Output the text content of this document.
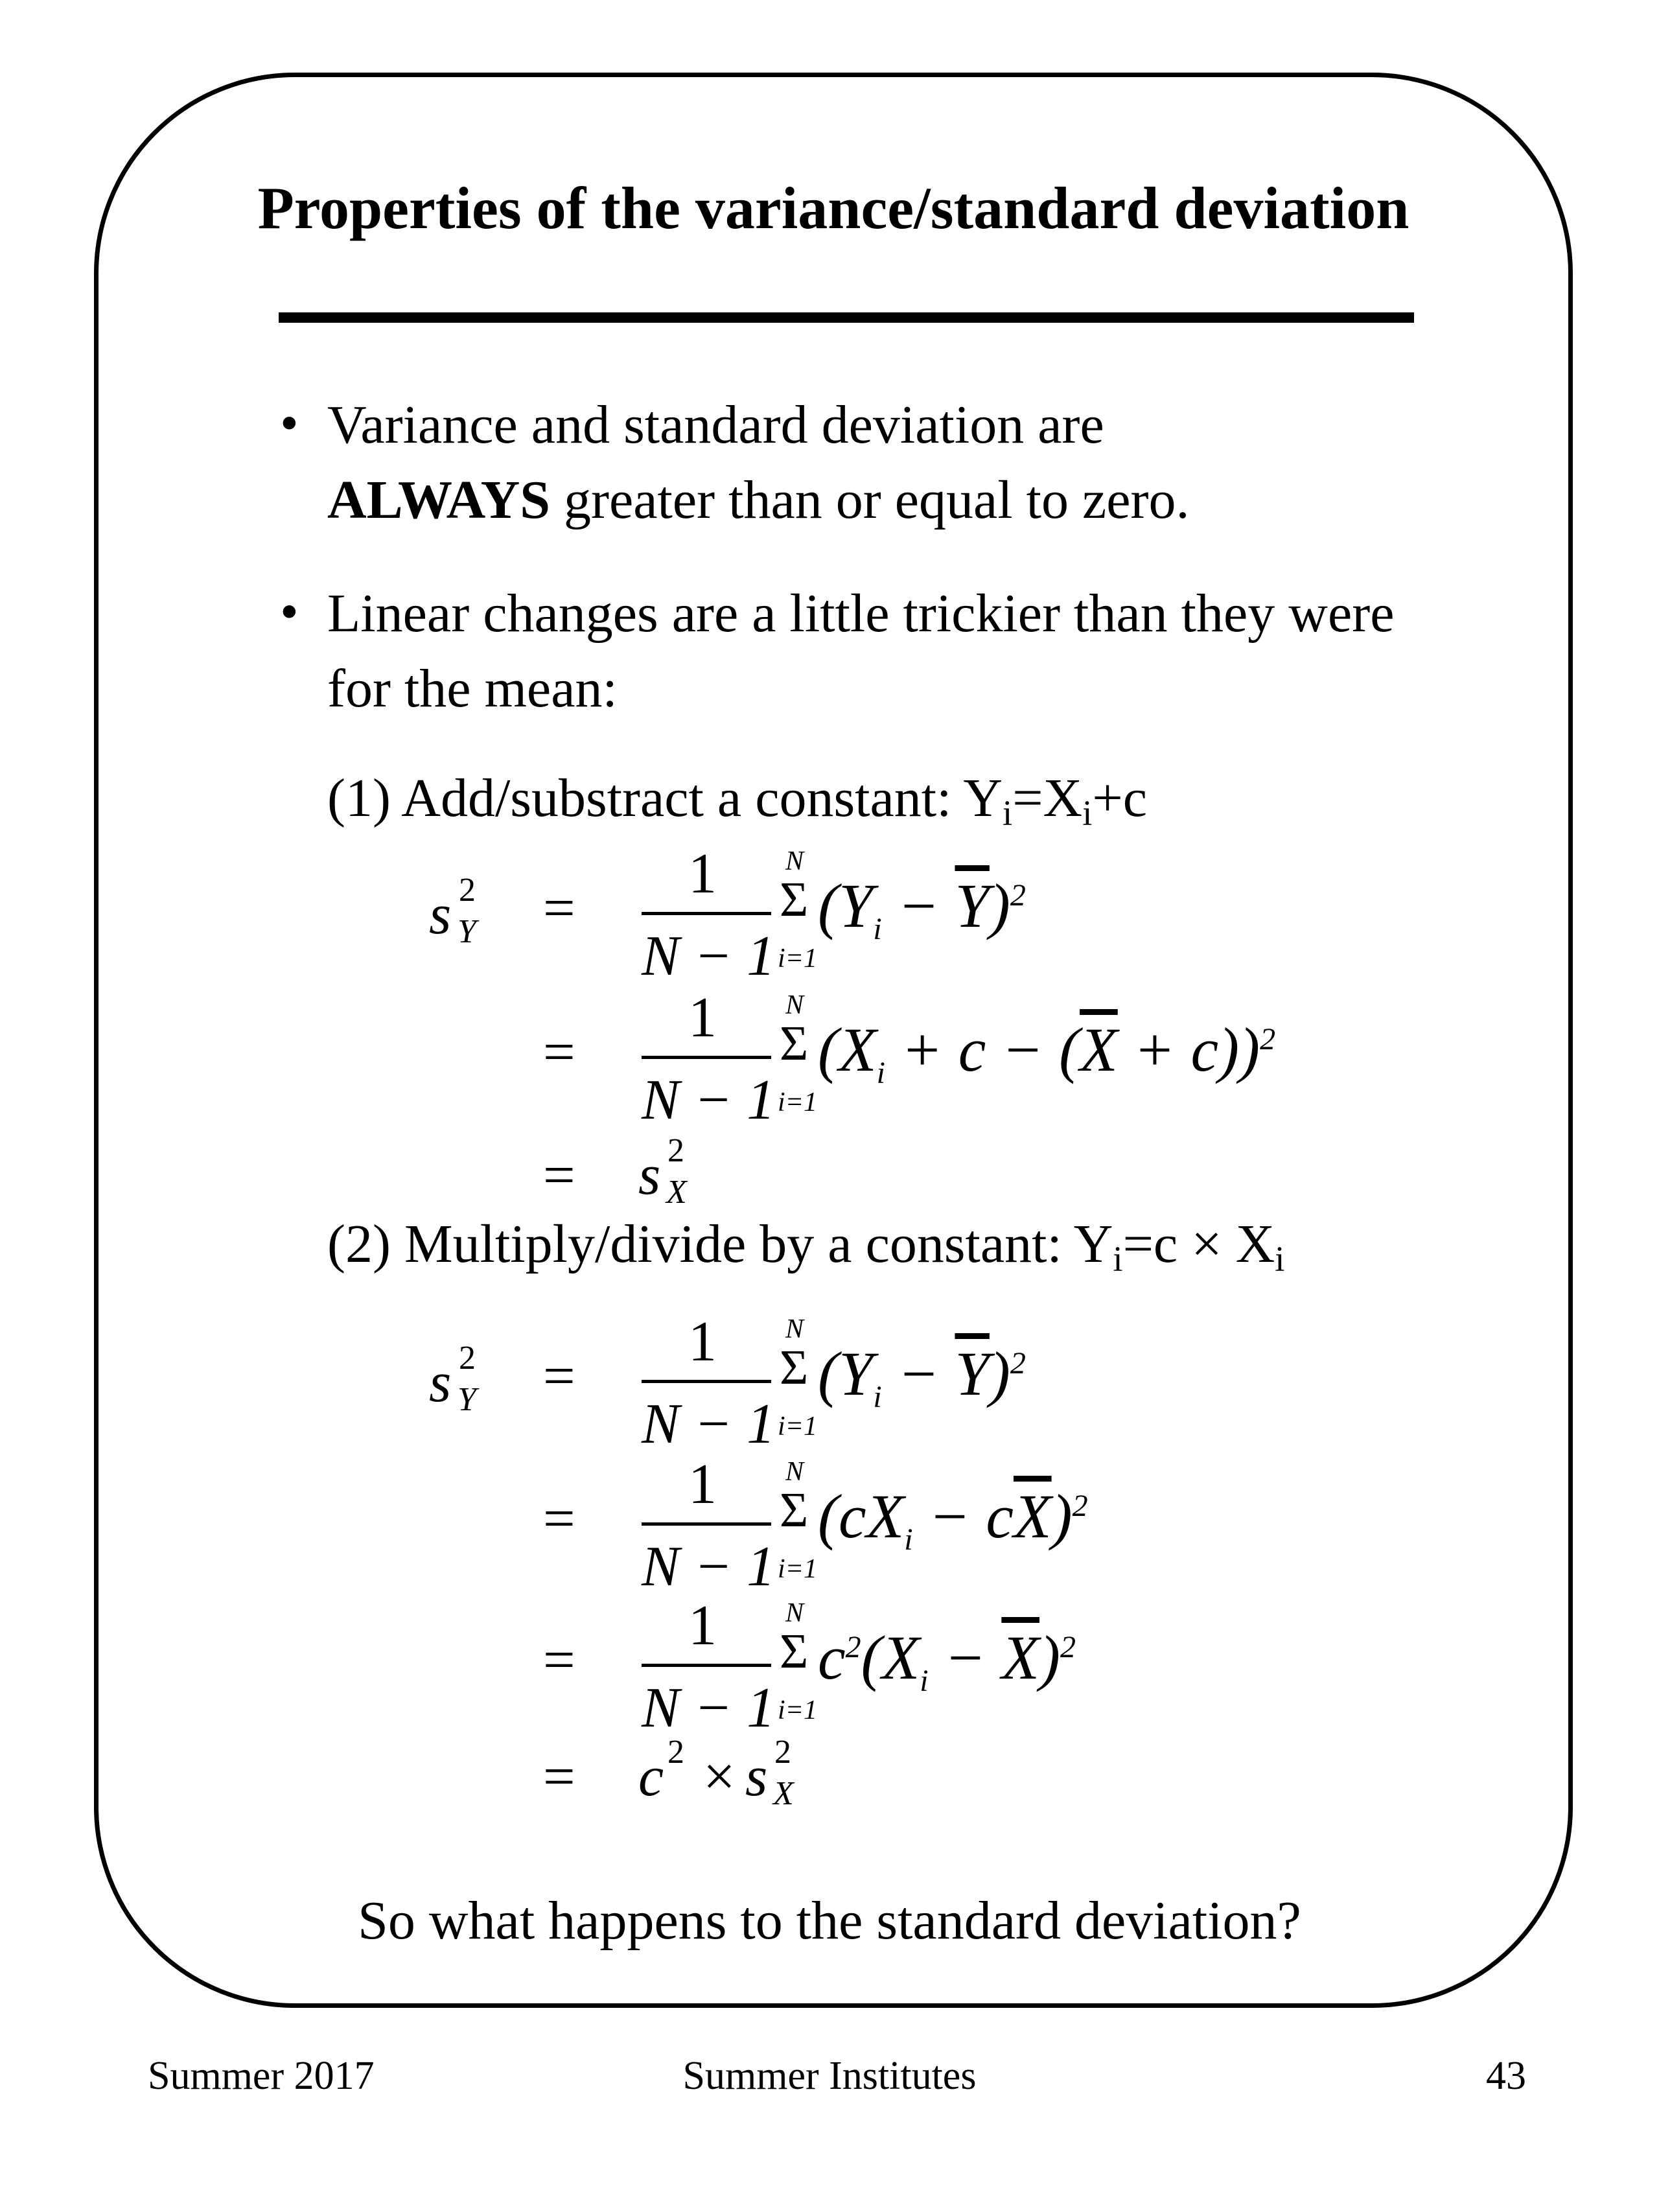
Properties of the variance/standard deviation
• Variance and standard deviation are
ALWAYS greater than or equal to zero.
• Linear changes are a little trickier than they were for the mean:
(1) Add/substract a constant: Yi=Xi+c
s 2
Y =
1
N − 1
N
Σ
i=1
$(Yi - \overline{Y})^2$
=
1
N − 1
N
Σ
i=1
$(Xi + c - (\overline{X} + c))^2$
= s 2
X
(2) Multiply/divide by a constant: Yi=c × Xi
s 2
Y =
1
N − 1
N
Σ
i=1
$(Yi - \overline{Y})^2$
=
1
N − 1
N
Σ
i=1
$(cXi - c\overline{X})^2$
=
1
N − 1
N
Σ
i=1
$c^2(Xi - \overline{X})^2$
= c 2 × s 2
X
So what happens to the standard deviation?
Summer 2017	Summer Institutes	43
